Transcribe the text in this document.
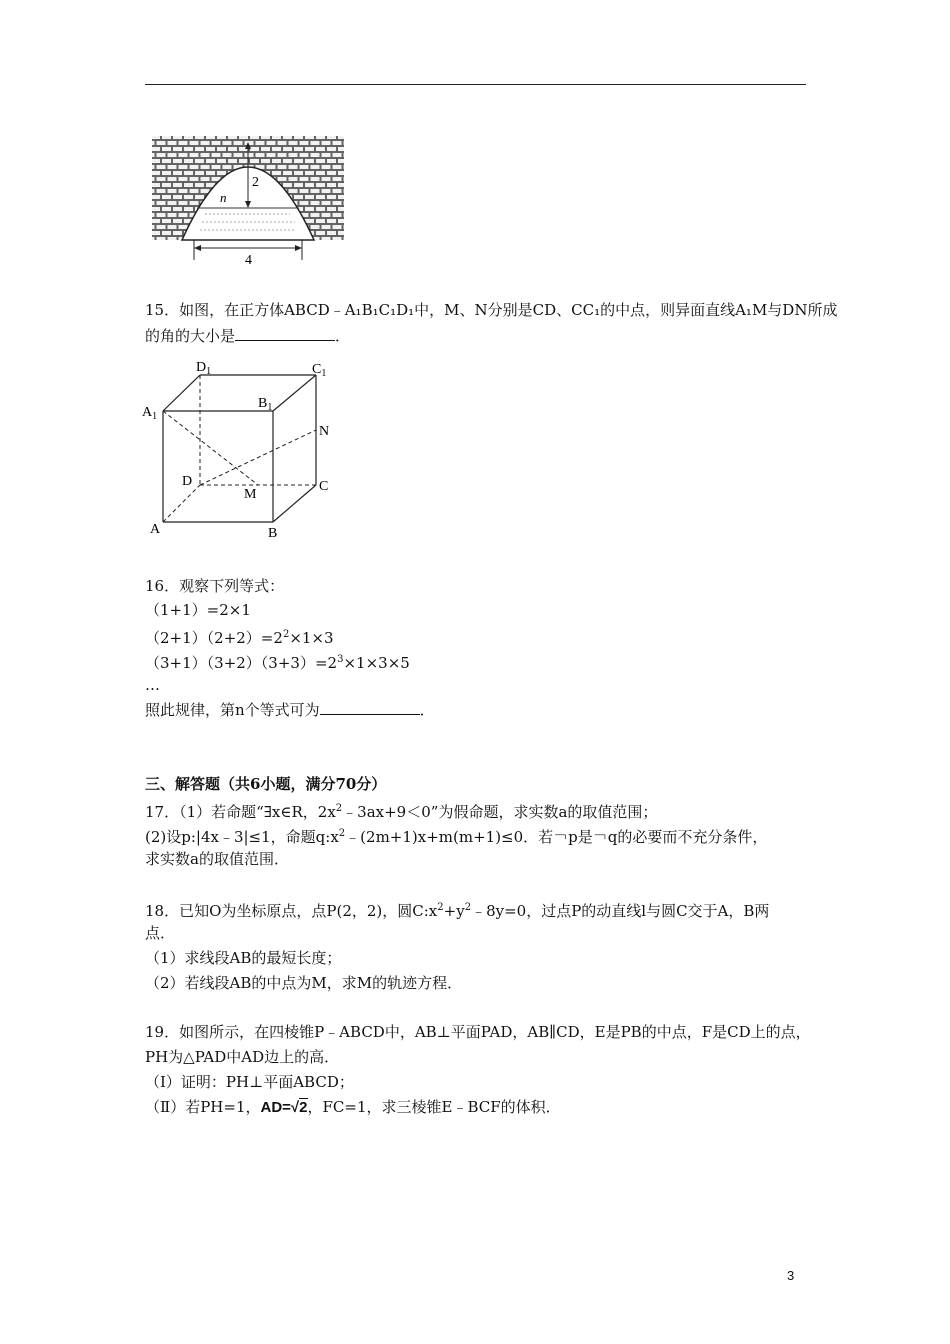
2
n
4
15．如图，在正方体ABCD﹣A₁B₁C₁D₁中，M、N分别是CD、CC₁的中点，则异面直线A₁M与DN所成
的角的大小是	．
$A_1$
$D_1$	$C_1$
$B_1$
N
D
M
C
A	B
16．观察下列等式：
（1+1）=2×1
$(2+1)(2+2)=2^2\times 1\times 3$
$(3+1)(3+2)(3+3)=2^3\times 1\times 3\times 5$
…
照此规律，第n个等式可为	．
三、解答题（共6小题，满分70分）
17．（1）若命题“∃x∈R，$2x^2﹣3ax+9<0$”为假命题，求实数a的取值范围；
(2)设p:|4x﹣3|≤1，命题$q:x^2﹣(2m+1)x+m(m+1)\le 0$．若￢p是￢q的必要而不充分条件，
求实数a的取值范围．
18．已知O为坐标原点，点P(2，2)，圆$C:x^2+y^2﹣8y=0$，过点P的动直线l与圆C交于A，B两
点．
（1）求线段AB的最短长度；
（2）若线段AB的中点为M，求M的轨迹方程．
19．如图所示，在四棱锥P﹣ABCD中，AB⊥平面PAD，AB∥CD，E是PB的中点，F是CD上的点，
PH为△PAD中AD边上的高．
（Ⅰ）证明：PH⊥平面ABCD；
（Ⅱ）若PH=1，AD=√2，FC=1，求三棱锥E﹣BCF的体积．
3
